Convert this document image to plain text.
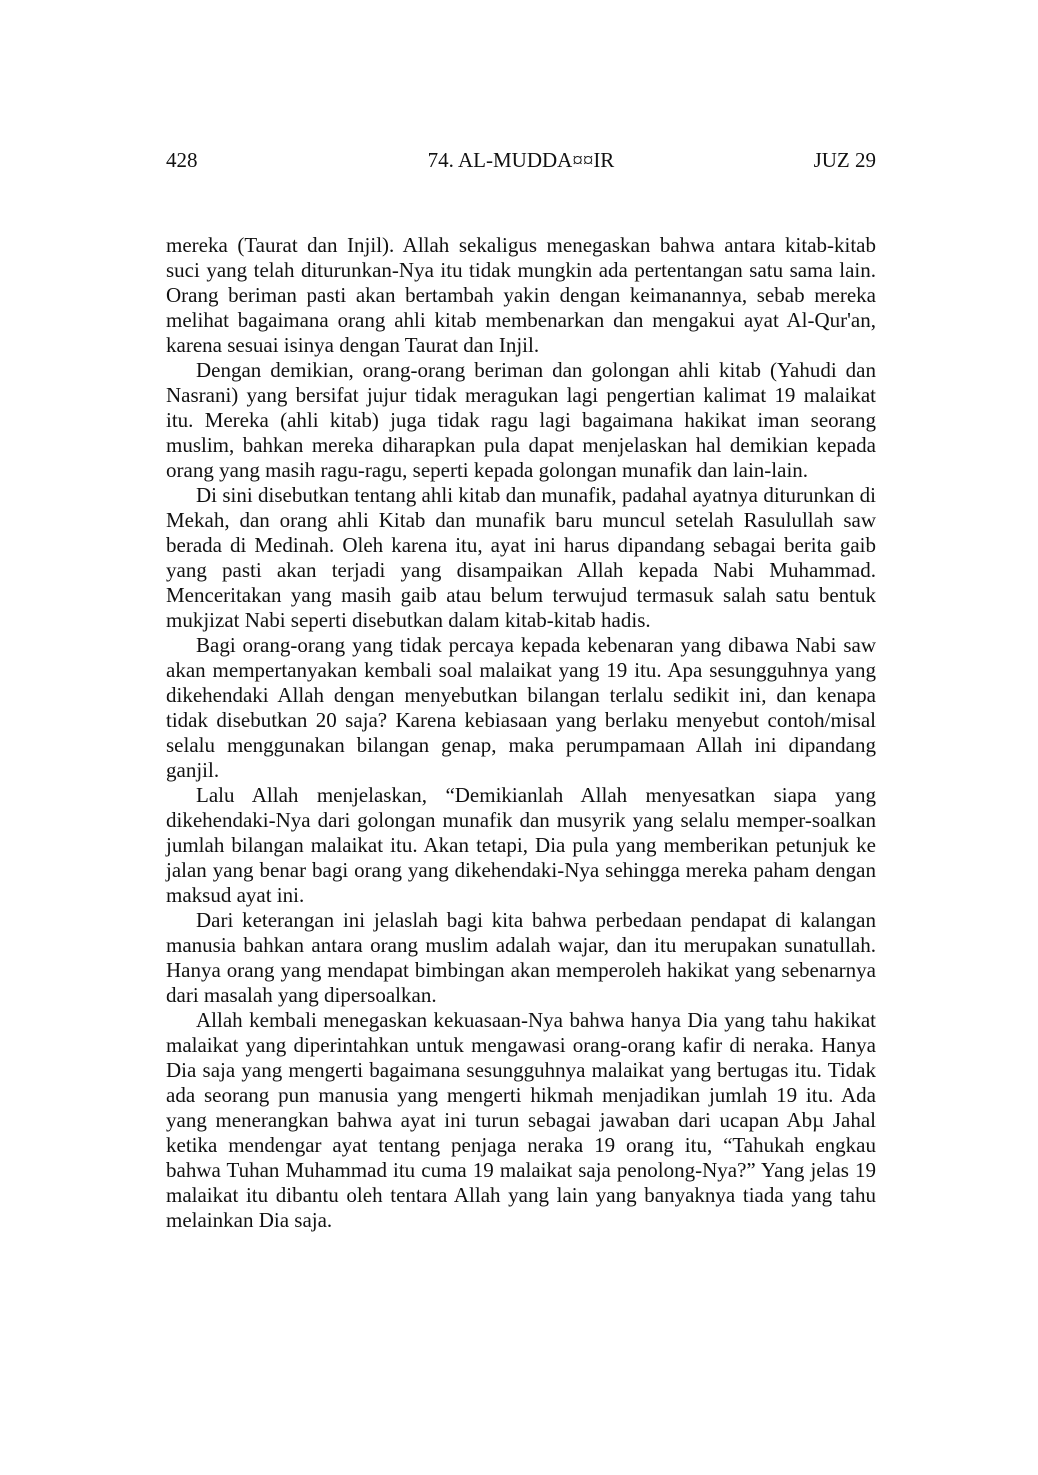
428	74. AL-MUDDA¤¤IR	JUZ 29

mereka (Taurat dan Injil). Allah sekaligus menegaskan bahwa antara kitab-kitab suci yang telah diturunkan-Nya itu tidak mungkin ada pertentangan satu sama lain. Orang beriman pasti akan bertambah yakin dengan keimanannya, sebab mereka melihat bagaimana orang ahli kitab membenarkan dan mengakui ayat Al-Qur'an, karena sesuai isinya dengan Taurat dan Injil.

Dengan demikian, orang-orang beriman dan golongan ahli kitab (Yahudi dan Nasrani) yang bersifat jujur tidak meragukan lagi pengertian kalimat 19 malaikat itu. Mereka (ahli kitab) juga tidak ragu lagi bagaimana hakikat iman seorang muslim, bahkan mereka diharapkan pula dapat menjelaskan hal demikian kepada orang yang masih ragu-ragu, seperti kepada golongan munafik dan lain-lain.

Di sini disebutkan tentang ahli kitab dan munafik, padahal ayatnya diturunkan di Mekah, dan orang ahli Kitab dan munafik baru muncul setelah Rasulullah saw berada di Medinah. Oleh karena itu, ayat ini harus dipandang sebagai berita gaib yang pasti akan terjadi yang disampaikan Allah kepada Nabi Muhammad. Menceritakan yang masih gaib atau belum terwujud termasuk salah satu bentuk mukjizat Nabi seperti disebutkan dalam kitab-kitab hadis.

Bagi orang-orang yang tidak percaya kepada kebenaran yang dibawa Nabi saw akan mempertanyakan kembali soal malaikat yang 19 itu. Apa sesungguhnya yang dikehendaki Allah dengan menyebutkan bilangan terlalu sedikit ini, dan kenapa tidak disebutkan 20 saja? Karena kebiasaan yang berlaku menyebut contoh/misal selalu menggunakan bilangan genap, maka perumpamaan Allah ini dipandang ganjil.

Lalu Allah menjelaskan, “Demikianlah Allah menyesatkan siapa yang dikehendaki-Nya dari golongan munafik dan musyrik yang selalu memper-soalkan jumlah bilangan malaikat itu. Akan tetapi, Dia pula yang memberikan petunjuk ke jalan yang benar bagi orang yang dikehendaki-Nya sehingga mereka paham dengan maksud ayat ini.

Dari keterangan ini jelaslah bagi kita bahwa perbedaan pendapat di kalangan manusia bahkan antara orang muslim adalah wajar, dan itu merupakan sunatullah. Hanya orang yang mendapat bimbingan akan memperoleh hakikat yang sebenarnya dari masalah yang dipersoalkan.

Allah kembali menegaskan kekuasaan-Nya bahwa hanya Dia yang tahu hakikat malaikat yang diperintahkan untuk mengawasi orang-orang kafir di neraka. Hanya Dia saja yang mengerti bagaimana sesungguhnya malaikat yang bertugas itu. Tidak ada seorang pun manusia yang mengerti hikmah menjadikan jumlah 19 itu. Ada yang menerangkan bahwa ayat ini turun sebagai jawaban dari ucapan Abµ Jahal ketika mendengar ayat tentang penjaga neraka 19 orang itu, “Tahukah engkau bahwa Tuhan Muhammad itu cuma 19 malaikat saja penolong-Nya?” Yang jelas 19 malaikat itu dibantu oleh tentara Allah yang lain yang banyaknya tiada yang tahu melainkan Dia saja.
